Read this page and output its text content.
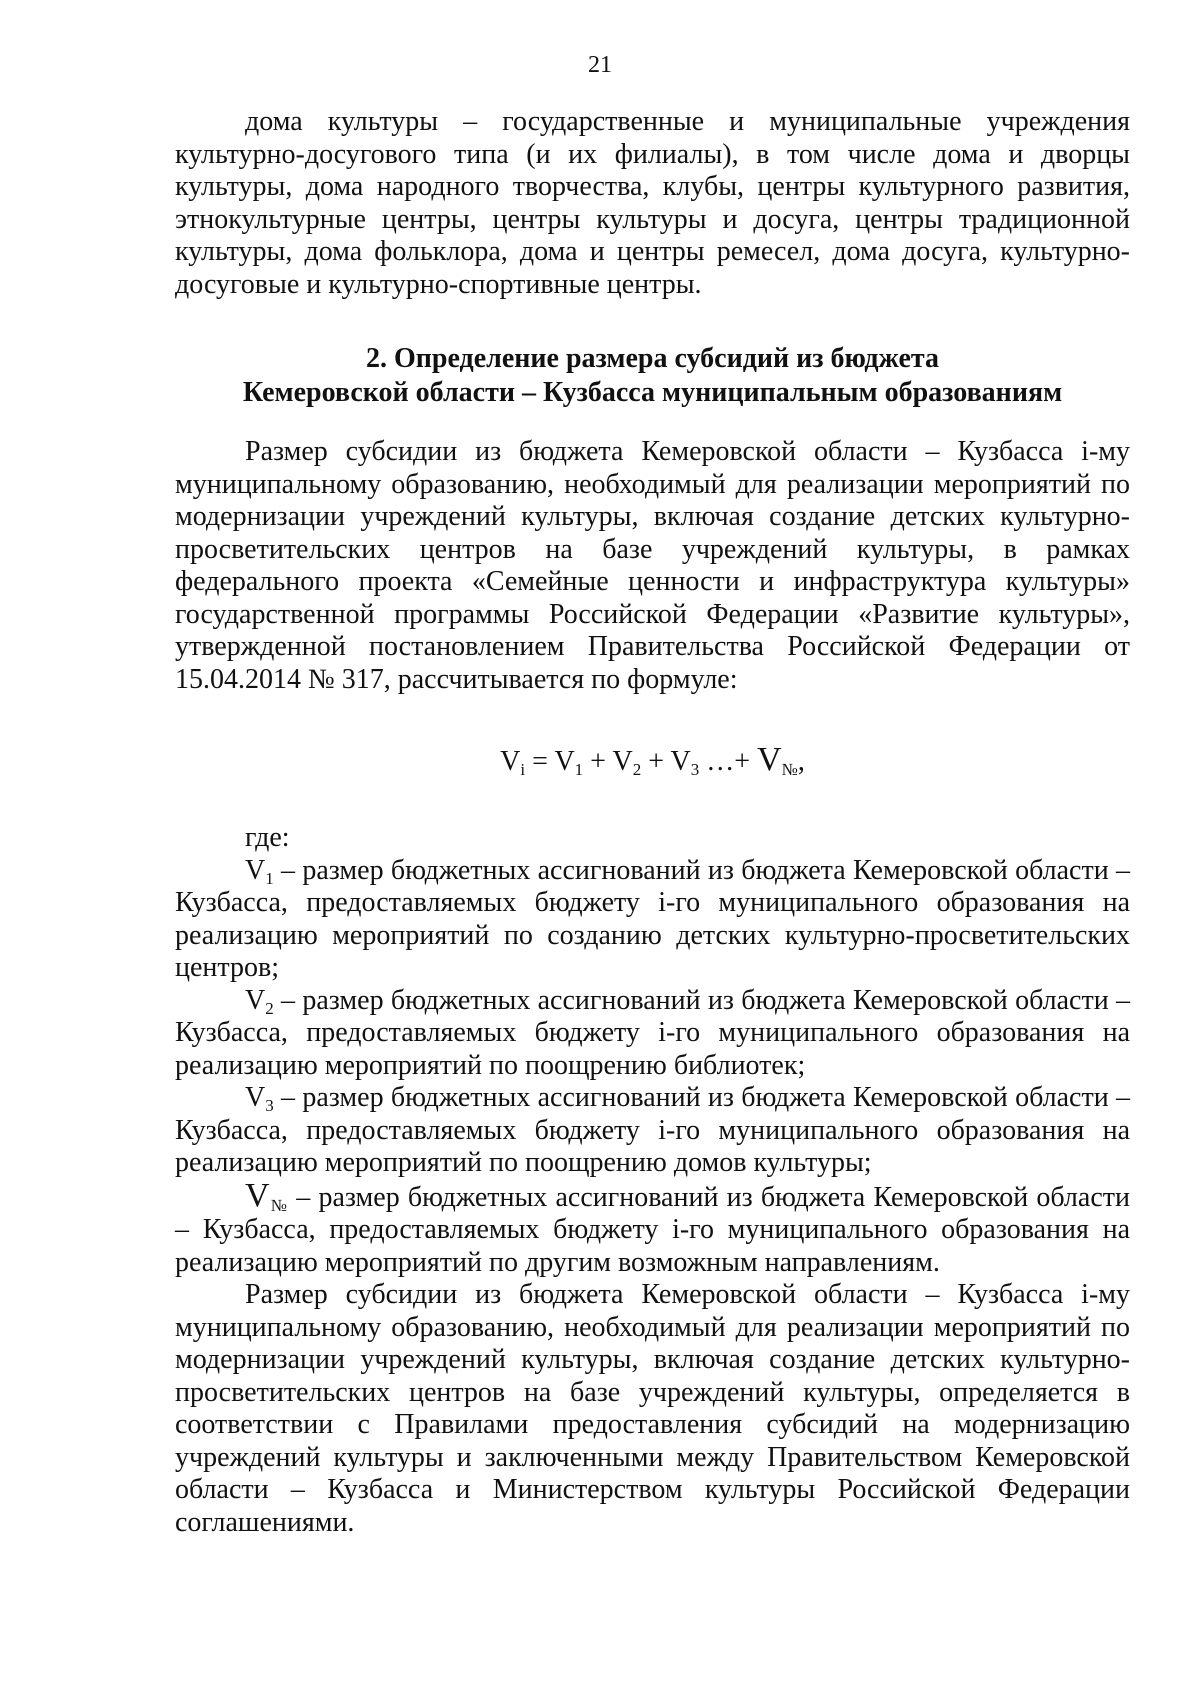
21

дома культуры – государственные и муниципальные учреждения культурно-досугового типа (и их филиалы), в том числе дома и дворцы культуры, дома народного творчества, клубы, центры культурного развития, этнокультурные центры, центры культуры и досуга, центры традиционной культуры, дома фольклора, дома и центры ремесел, дома досуга, культурно-досуговые и культурно-спортивные центры.

2. Определение размера субсидий из бюджета
Кемеровской области – Кузбасса муниципальным образованиям

Размер субсидии из бюджета Кемеровской области – Кузбасса i-му муниципальному образованию, необходимый для реализации мероприятий по модернизации учреждений культуры, включая создание детских культурно-просветительских центров на базе учреждений культуры, в рамках федерального проекта «Семейные ценности и инфраструктура культуры» государственной программы Российской Федерации «Развитие культуры», утвержденной постановлением Правительства Российской Федерации от 15.04.2014 № 317, рассчитывается по формуле:

$V_i = V_1 + V_2 + V_3$ …+ $V_№$,

где:

$V_1$ – размер бюджетных ассигнований из бюджета Кемеровской области – Кузбасса, предоставляемых бюджету i-го муниципального образования на реализацию мероприятий по созданию детских культурно-просветительских центров;

$V_2$ – размер бюджетных ассигнований из бюджета Кемеровской области – Кузбасса, предоставляемых бюджету i-го муниципального образования на реализацию мероприятий по поощрению библиотек;

$V_3$ – размер бюджетных ассигнований из бюджета Кемеровской области – Кузбасса, предоставляемых бюджету i-го муниципального образования на реализацию мероприятий по поощрению домов культуры;

$V_№$ – размер бюджетных ассигнований из бюджета Кемеровской области – Кузбасса, предоставляемых бюджету i-го муниципального образования на реализацию мероприятий по другим возможным направлениям.

Размер субсидии из бюджета Кемеровской области – Кузбасса i-му муниципальному образованию, необходимый для реализации мероприятий по модернизации учреждений культуры, включая создание детских культурно-просветительских центров на базе учреждений культуры, определяется в соответствии с Правилами предоставления субсидий на модернизацию учреждений культуры и заключенными между Правительством Кемеровской области – Кузбасса и Министерством культуры Российской Федерации соглашениями.
